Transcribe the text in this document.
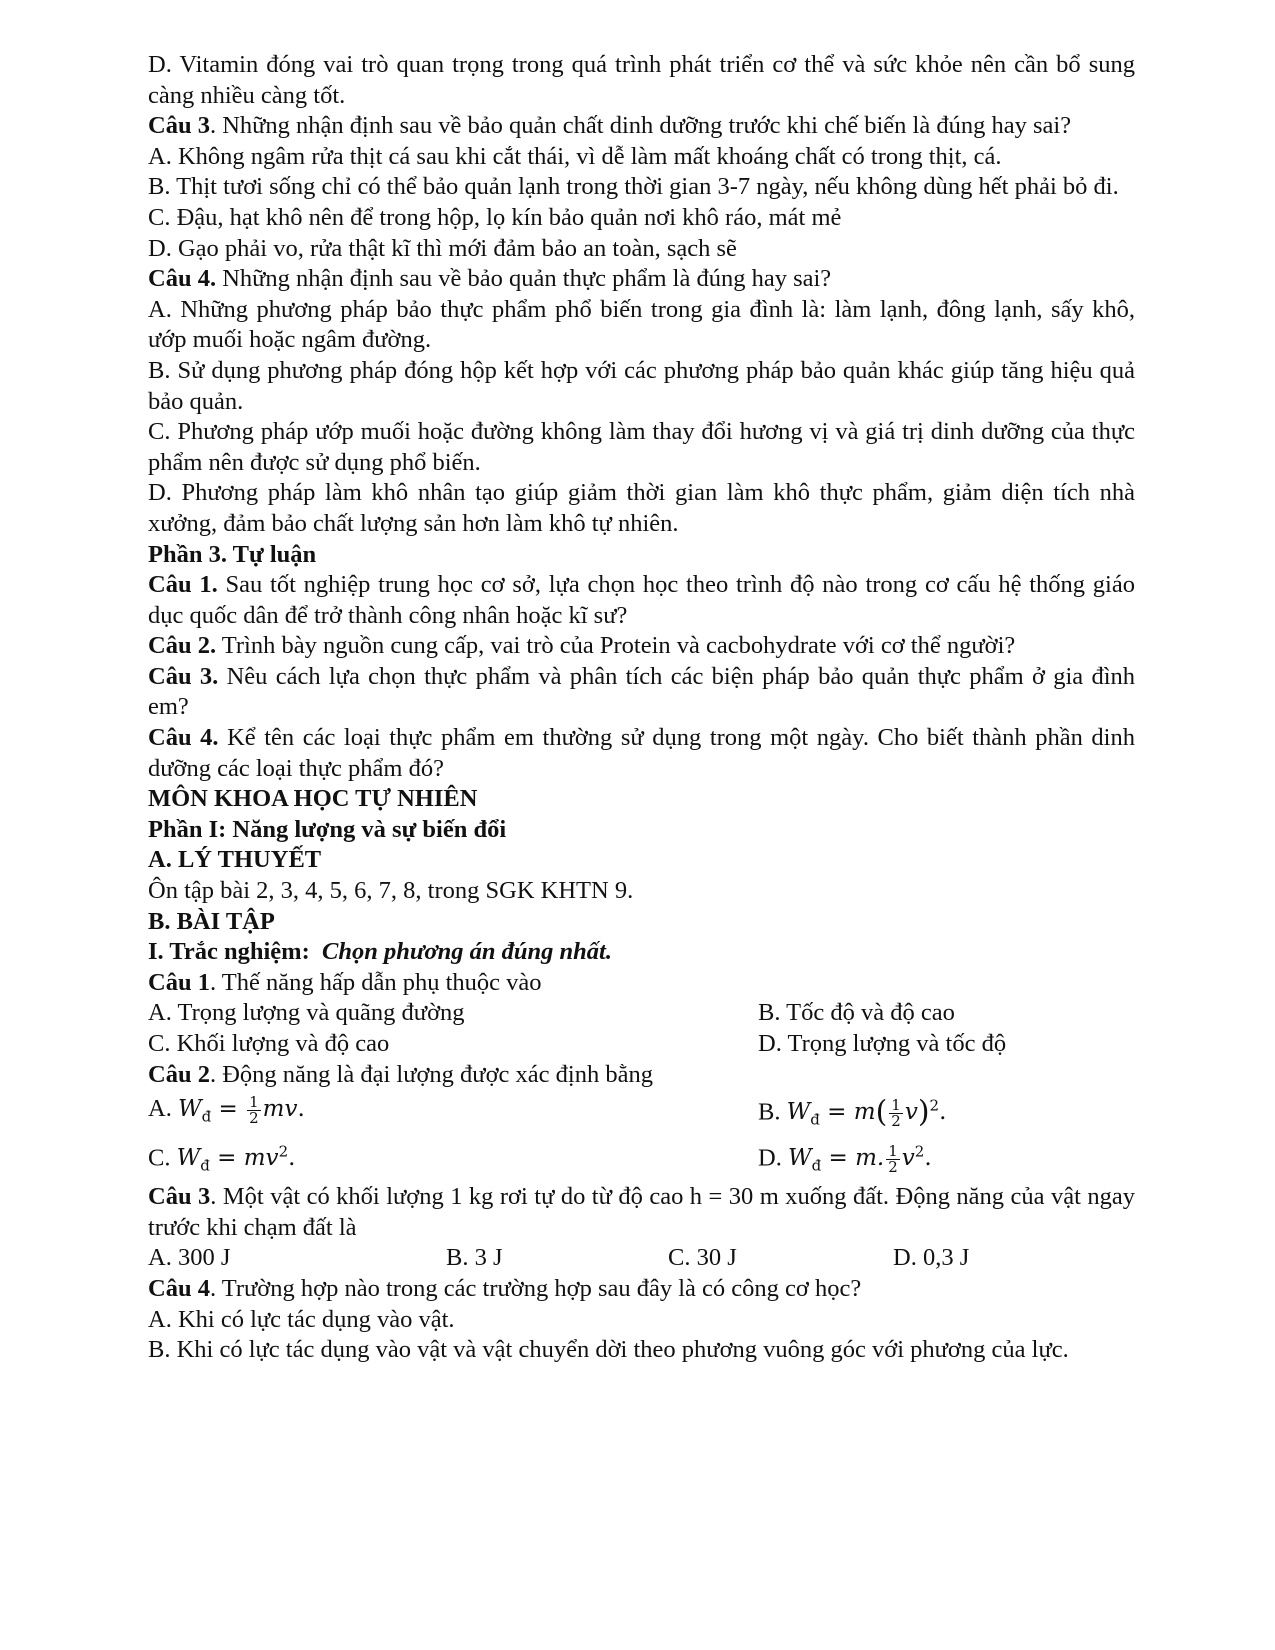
D. Vitamin đóng vai trò quan trọng trong quá trình phát triển cơ thể và sức khỏe nên cần bổ sung càng nhiều càng tốt.

Câu 3. Những nhận định sau về bảo quản chất dinh dưỡng trước khi chế biến là đúng hay sai?

A. Không ngâm rửa thịt cá sau khi cắt thái, vì dễ làm mất khoáng chất có trong thịt, cá.

B. Thịt tươi sống chỉ có thể bảo quản lạnh trong thời gian 3-7 ngày, nếu không dùng hết phải bỏ đi.

C. Đậu, hạt khô nên để trong hộp, lọ kín bảo quản nơi khô ráo, mát mẻ

D. Gạo phải vo, rửa thật kĩ thì mới đảm bảo an toàn, sạch sẽ

Câu 4. Những nhận định sau về bảo quản thực phẩm là đúng hay sai?

A. Những phương pháp bảo thực phẩm phổ biến trong gia đình là: làm lạnh, đông lạnh, sấy khô, ướp muối hoặc ngâm đường.

B. Sử dụng phương pháp đóng hộp kết hợp với các phương pháp bảo quản khác giúp tăng hiệu quả bảo quản.

C. Phương pháp ướp muối hoặc đường không làm thay đổi hương vị và giá trị dinh dưỡng của thực phẩm nên được sử dụng phổ biến.

D. Phương pháp làm khô nhân tạo giúp giảm thời gian làm khô thực phẩm, giảm diện tích nhà xưởng, đảm bảo chất lượng sản hơn làm khô tự nhiên.

Phần 3. Tự luận

Câu 1. Sau tốt nghiệp trung học cơ sở, lựa chọn học theo trình độ nào trong cơ cấu hệ thống giáo dục quốc dân để trở thành công nhân hoặc kĩ sư?

Câu 2. Trình bày nguồn cung cấp, vai trò của Protein và cacbohydrate với cơ thể người?

Câu 3. Nêu cách lựa chọn thực phẩm và phân tích các biện pháp bảo quản thực phẩm ở gia đình em?

Câu 4. Kể tên các loại thực phẩm em thường sử dụng trong một ngày. Cho biết thành phần dinh dưỡng các loại thực phẩm đó?

MÔN KHOA HỌC TỰ NHIÊN

Phần I: Năng lượng và sự biến đổi

A. LÝ THUYẾT

Ôn tập bài 2, 3, 4, 5, 6, 7, 8, trong SGK KHTN 9.

B. BÀI TẬP

I. Trắc nghiệm: Chọn phương án đúng nhất.

Câu 1. Thế năng hấp dẫn phụ thuộc vào

A. Trọng lượng và quãng đường	B. Tốc độ và độ cao
C. Khối lượng và độ cao	D. Trọng lượng và tốc độ

Câu 2. Động năng là đại lượng được xác định bằng

A. $W_đ = \frac{1}{2}$ mv.	B. $W_đ = m( \frac{1}{2} v)^2$.
C. $W_đ = mv^2$.	D. $W_đ = m$. $\frac{1}{2} v^2$.

Câu 3. Một vật có khối lượng 1 kg rơi tự do từ độ cao h = 30 m xuống đất. Động năng của vật ngay trước khi chạm đất là

A. 300 J	B. 3 J	C. 30 J	D. 0,3 J

Câu 4. Trường hợp nào trong các trường hợp sau đây là có công cơ học?

A. Khi có lực tác dụng vào vật.

B. Khi có lực tác dụng vào vật và vật chuyển dời theo phương vuông góc với phương của lực.
